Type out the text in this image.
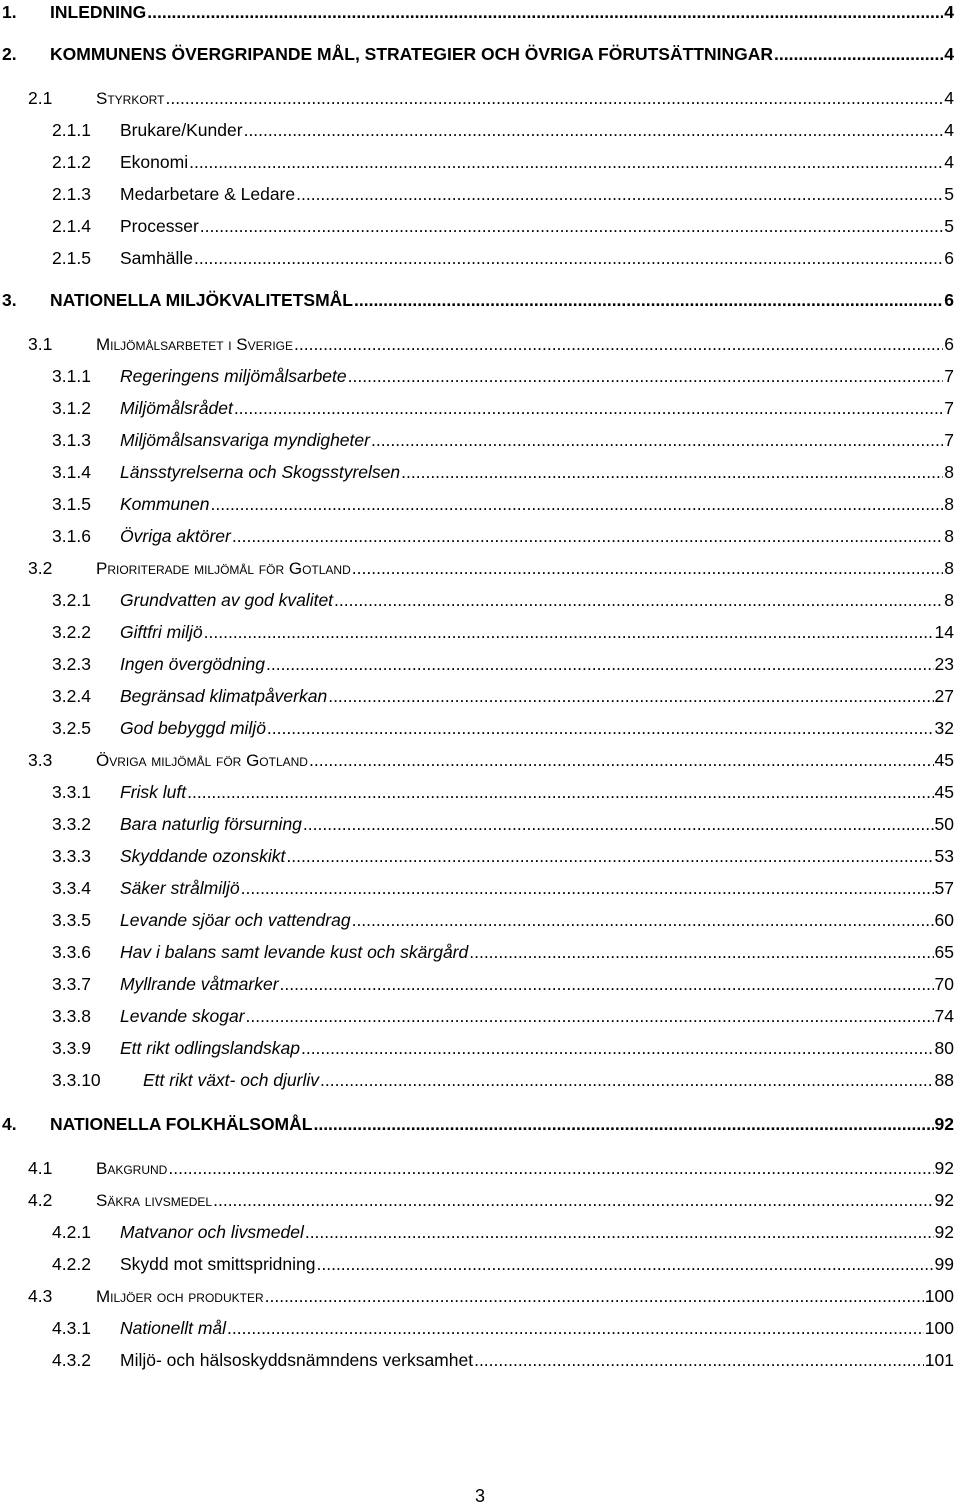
1. INLEDNING .....	4
2. KOMMUNENS ÖVERGRIPANDE MÅL, STRATEGIER OCH ÖVRIGA FÖRUTSÄTTNINGAR .....	4
2.1	Styrkort .....	4
2.1.1 Brukare/Kunder .....	4
2.1.2 Ekonomi .....	4
2.1.3 Medarbetare & Ledare .....	5
2.1.4 Processer .....	5
2.1.5 Samhälle .....	6
3. NATIONELLA MILJÖKVALITETSMÅL .....	6
3.1	Miljömålsarbetet i Sverige .....	6
3.1.1 Regeringens miljömålsarbete .....	7
3.1.2 Miljömålsrådet .....	7
3.1.3 Miljömålsansvariga myndigheter .....	7
3.1.4 Länsstyrelserna och Skogsstyrelsen .....	8
3.1.5 Kommunen .....	8
3.1.6 Övriga aktörer .....	8
3.2	Prioriterade miljömål för Gotland .....	8
3.2.1 Grundvatten av god kvalitet .....	8
3.2.2 Giftfri miljö .....	14
3.2.3 Ingen övergödning .....	23
3.2.4 Begränsad klimatpåverkan .....	27
3.2.5 God bebyggd miljö .....	32
3.3	Övriga miljömål för Gotland .....	45
3.3.1 Frisk luft .....	45
3.3.2 Bara naturlig försurning .....	50
3.3.3 Skyddande ozonskikt .....	53
3.3.4 Säker strålmiljö .....	57
3.3.5 Levande sjöar och vattendrag .....	60
3.3.6 Hav i balans samt levande kust och skärgård .....	65
3.3.7 Myllrande våtmarker .....	70
3.3.8 Levande skogar .....	74
3.3.9 Ett rikt odlingslandskap .....	80
3.3.10 Ett rikt växt- och djurliv .....	88
4. NATIONELLA FOLKHÄLSOMÅL .....	92
4.1	Bakgrund .....	92
4.2	Säkra livsmedel .....	92
4.2.1 Matvanor och livsmedel .....	92
4.2.2 Skydd mot smittspridning .....	99
4.3	Miljöer och produkter .....	100
4.3.1 Nationellt mål .....	100
4.3.2 Miljö- och hälsoskyddsnämndens verksamhet .....	101
3
